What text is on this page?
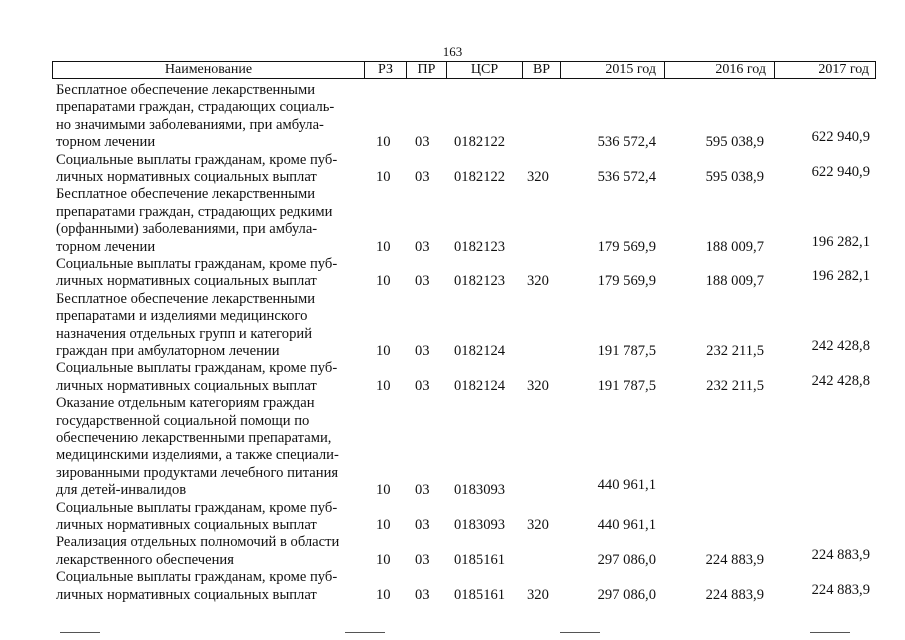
163
Наименование	РЗ	ПР	ЦСР	ВР	2015 год	2016 год	2017 год
Бесплатное обеспечение лекарственными
препаратами граждан, страдающих социаль-
но значимыми заболеваниями, при амбула-
торном лечении	10 03 0182122	536 572,4	595 038,9	622 940,9
Социальные выплаты гражданам, кроме пуб-
личных нормативных социальных выплат	10 03 0182122 320	536 572,4	595 038,9	622 940,9
Бесплатное обеспечение лекарственными
препаратами граждан, страдающих редкими
(орфанными) заболеваниями, при амбула-
торном лечении	10 03 0182123	179 569,9	188 009,7	196 282,1
Социальные выплаты гражданам, кроме пуб-
личных нормативных социальных выплат	10 03 0182123 320	179 569,9	188 009,7	196 282,1
Бесплатное обеспечение лекарственными
препаратами и изделиями медицинского
назначения отдельных групп и категорий
граждан при амбулаторном лечении	10 03 0182124	191 787,5	232 211,5	242 428,8
Социальные выплаты гражданам, кроме пуб-
личных нормативных социальных выплат	10 03 0182124 320	191 787,5	232 211,5	242 428,8
Оказание отдельным категориям граждан
государственной социальной помощи по
обеспечению лекарственными препаратами,
медицинскими изделиями, а также специали-
зированными продуктами лечебного питания
для детей-инвалидов	10 03 0183093	440 961,1
Социальные выплаты гражданам, кроме пуб-
личных нормативных социальных выплат	10 03 0183093 320	440 961,1
Реализация отдельных полномочий в области
лекарственного обеспечения	10 03 0185161	297 086,0	224 883,9	224 883,9
Социальные выплаты гражданам, кроме пуб-
личных нормативных социальных выплат	10 03 0185161 320	297 086,0	224 883,9	224 883,9
